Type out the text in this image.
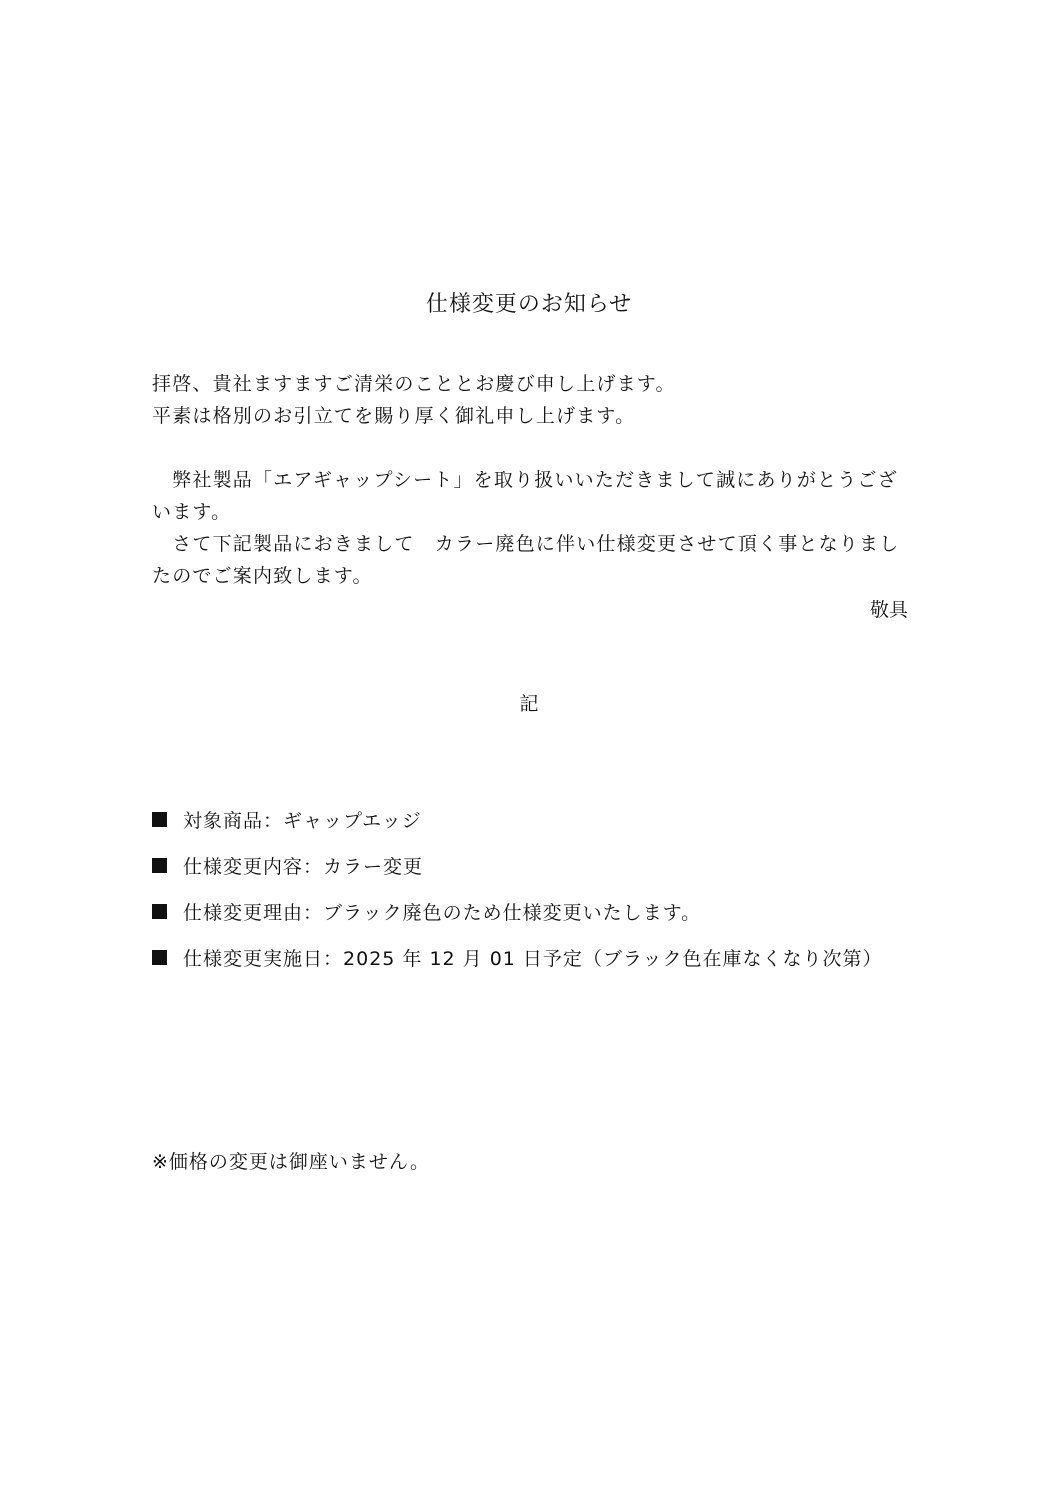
仕様変更のお知らせ

拝啓、貴社ますますご清栄のこととお慶び申し上げます。

平素は格別のお引立てを賜り厚く御礼申し上げます。

　弊社製品「エアギャップシート」を取り扱いいただきまして誠にありがとうございます。

　さて下記製品におきまして　カラー廃色に伴い仕様変更させて頂く事となりましたのでご案内致します。

敬具
記
対象商品 ： ギャップエッジ
仕様変更内容 ： カラー変更
仕様変更理由 ： ブラック廃色のため仕様変更いたします。
仕様変更実施日 ： 2025 年 12 月 01 日予定（ブラック色在庫なくなり次第）
※価格の変更は御座いません。
